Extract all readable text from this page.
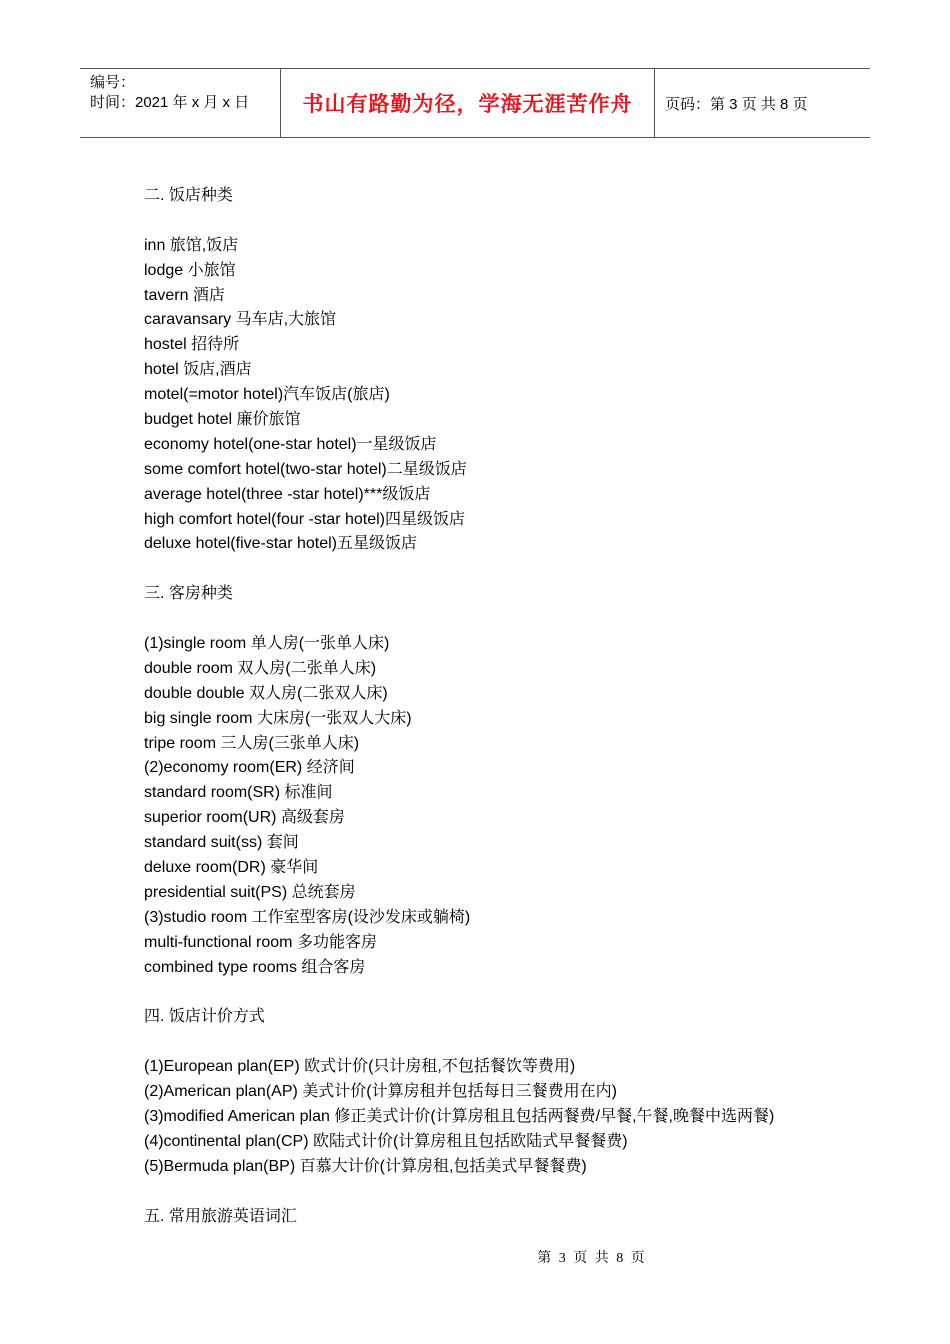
编号：
时间：2021 年 x 月 x 日	书山有路勤为径，学海无涯苦作舟 页码：第 3 页 共 8 页
二. 饭店种类
inn 旅馆,饭店
lodge 小旅馆
tavern 酒店
caravansary 马车店,大旅馆
hostel 招待所
hotel 饭店,酒店
motel(=motor hotel)汽车饭店(旅店)
budget hotel 廉价旅馆
economy hotel(one-star hotel)一星级饭店
some comfort hotel(two-star hotel)二星级饭店
average hotel(three -star hotel)***级饭店
high comfort hotel(four -star hotel)四星级饭店
deluxe hotel(five-star hotel)五星级饭店
三. 客房种类
(1)single room 单人房(一张单人床)
double room 双人房(二张单人床)
double double 双人房(二张双人床)
big single room 大床房(一张双人大床)
tripe room 三人房(三张单人床)
(2)economy room(ER) 经济间
standard room(SR) 标准间
superior room(UR) 高级套房
standard suit(ss) 套间
deluxe room(DR) 豪华间
presidential suit(PS) 总统套房
(3)studio room 工作室型客房(设沙发床或躺椅)
multi-functional room 多功能客房
combined type rooms 组合客房
四. 饭店计价方式
(1)European plan(EP) 欧式计价(只计房租,不包括餐饮等费用)
(2)American plan(AP) 美式计价(计算房租并包括每日三餐费用在内)
(3)modified American plan 修正美式计价(计算房租且包括两餐费/早餐,午餐,晚餐中选两餐)
(4)continental plan(CP) 欧陆式计价(计算房租且包括欧陆式早餐餐费)
(5)Bermuda plan(BP) 百慕大计价(计算房租,包括美式早餐餐费)
五. 常用旅游英语词汇
第 3 页 共 8 页
